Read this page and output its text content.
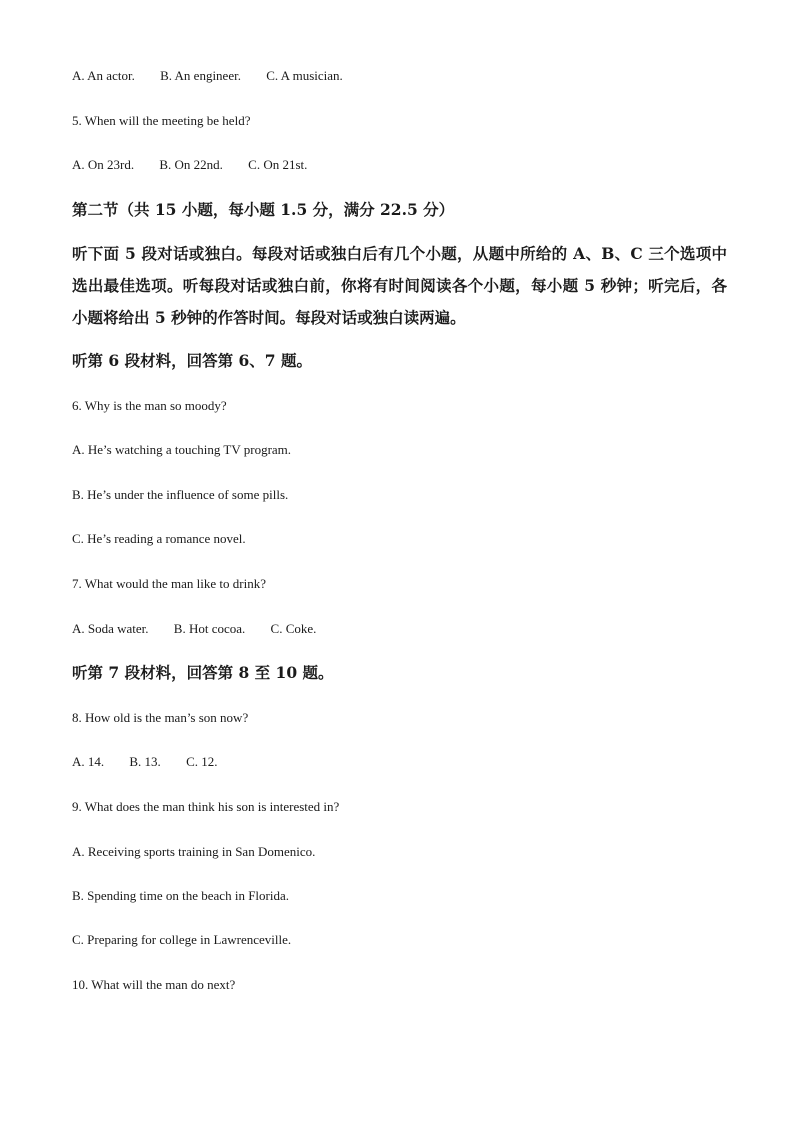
A. An actor. B. An engineer. C. A musician.
5. When will the meeting be held?
A. On 23rd. B. On 22nd. C. On 21st.
第二节（共 15 小题，每小题 1.5 分，满分 22.5 分）
听下面 5 段对话或独白。每段对话或独白后有几个小题，从题中所给的 A、B、C 三个选项中选出最佳选项。听每段对话或独白前，你将有时间阅读各个小题，每小题 5 秒钟；听完后，各小题将给出 5 秒钟的作答时间。每段对话或独白读两遍。
听第 6 段材料，回答第 6、7 题。
6. Why is the man so moody?
A. He’s watching a touching TV program.
B. He’s under the influence of some pills.
C. He’s reading a romance novel.
7. What would the man like to drink?
A. Soda water. B. Hot cocoa. C. Coke.
听第 7 段材料，回答第 8 至 10 题。
8. How old is the man’s son now?
A. 14. B. 13. C. 12.
9. What does the man think his son is interested in?
A. Receiving sports training in San Domenico.
B. Spending time on the beach in Florida.
C. Preparing for college in Lawrenceville.
10. What will the man do next?
